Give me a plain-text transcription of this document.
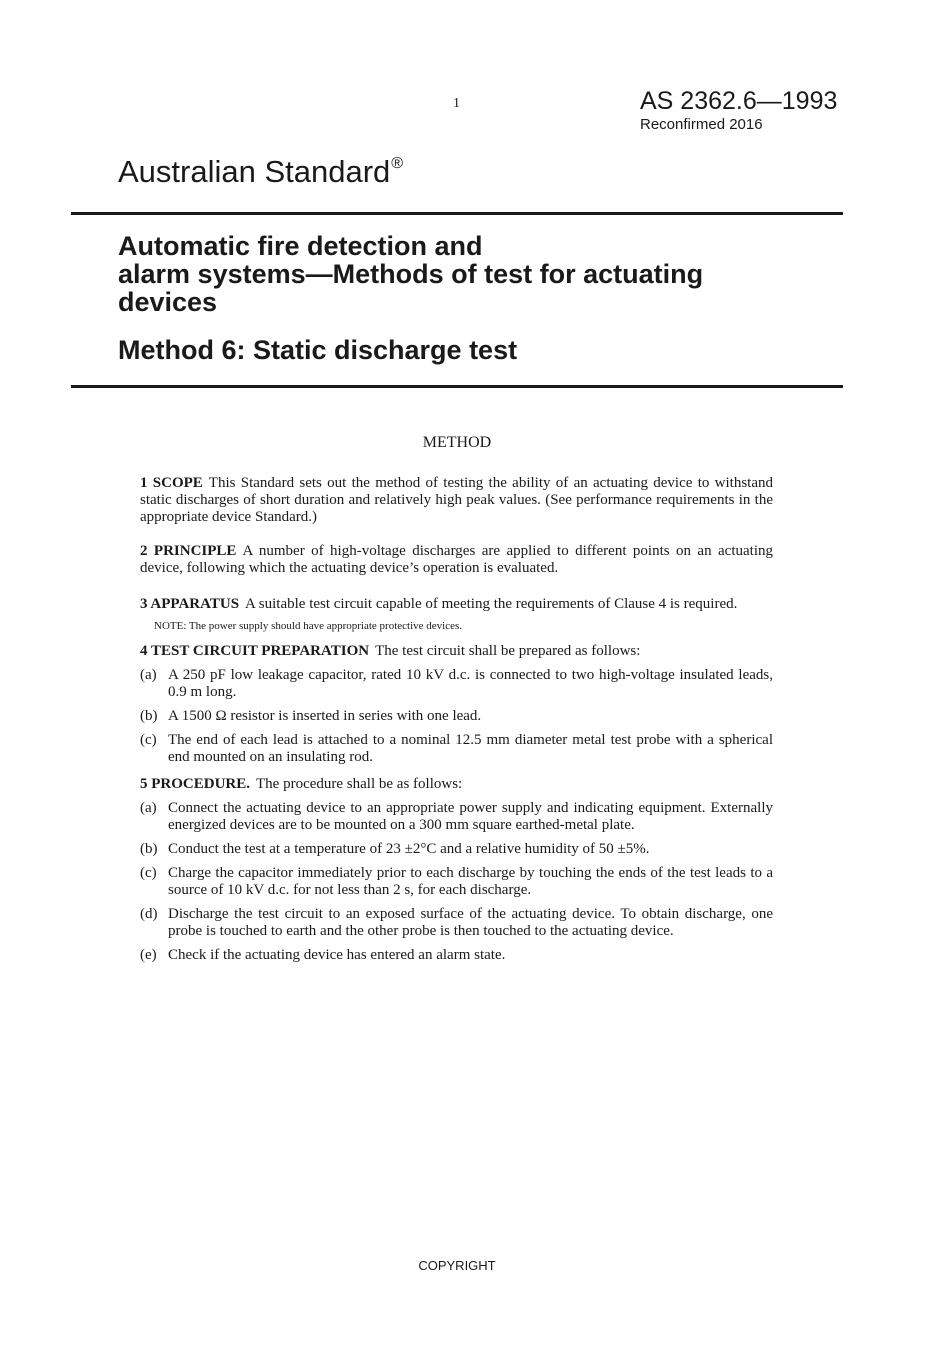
1	AS 2362.6—1993
Reconfirmed 2016
Australian Standard®
Automatic fire detection and
alarm systems—Methods of test for actuating
devices
Method 6: Static discharge test
METHOD

1 SCOPE This Standard sets out the method of testing the ability of an actuating device to withstand static discharges of short duration and relatively high peak values. (See performance requirements in the appropriate device Standard.)

2 PRINCIPLE A number of high-voltage discharges are applied to different points on an actuating device, following which the actuating device’s operation is evaluated.

3 APPARATUS A suitable test circuit capable of meeting the requirements of Clause 4 is required.

NOTE: The power supply should have appropriate protective devices.

4 TEST CIRCUIT PREPARATION The test circuit shall be prepared as follows:

(a) A 250 pF low leakage capacitor, rated 10 kV d.c. is connected to two high-voltage insulated leads, 0.9 m long.
(b) A 1500 Ω resistor is inserted in series with one lead.
(c) The end of each lead is attached to a nominal 12.5 mm diameter metal test probe with a spherical end mounted on an insulating rod.

5 PROCEDURE. The procedure shall be as follows:

(a) Connect the actuating device to an appropriate power supply and indicating equipment. Externally energized devices are to be mounted on a 300 mm square earthed-metal plate.
(b) Conduct the test at a temperature of 23 ±2°C and a relative humidity of 50 ±5%.
(c) Charge the capacitor immediately prior to each discharge by touching the ends of the test leads to a source of 10 kV d.c. for not less than 2 s, for each discharge.
(d) Discharge the test circuit to an exposed surface of the actuating device. To obtain discharge, one probe is touched to earth and the other probe is then touched to the actuating device.
(e) Check if the actuating device has entered an alarm state.
COPYRIGHT
